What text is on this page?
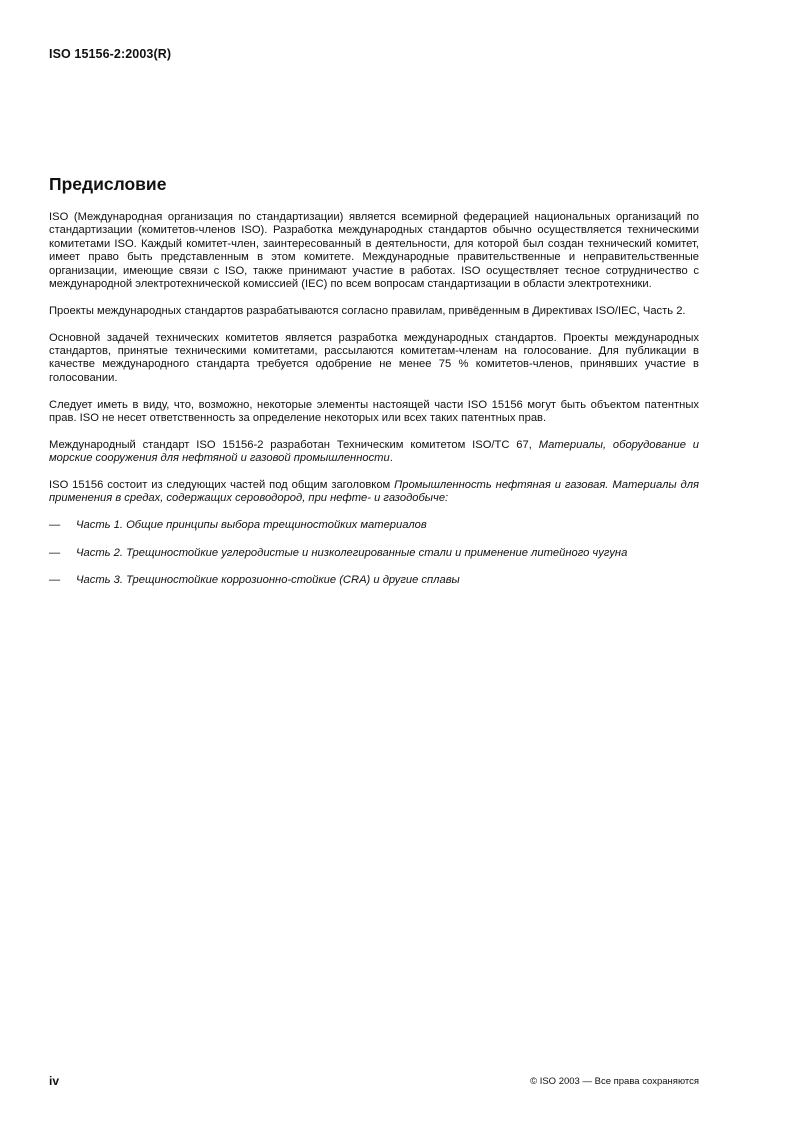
ISO 15156-2:2003(R)
Предисловие

ISO (Международная организация по стандартизации) является всемирной федерацией национальных организаций по стандартизации (комитетов-членов ISO). Разработка международных стандартов обычно осуществляется техническими комитетами ISO. Каждый комитет-член, заинтересованный в деятельности, для которой был создан технический комитет, имеет право быть представленным в этом комитете. Международные правительственные и неправительственные организации, имеющие связи с ISO, также принимают участие в работах. ISO осуществляет тесное сотрудничество с международной электротехнической комиссией (IEC) по всем вопросам стандартизации в области электротехники.

Проекты международных стандартов разрабатываются согласно правилам, привёденным в Директивах ISO/IEC, Часть 2.

Основной задачей технических комитетов является разработка международных стандартов. Проекты международных стандартов, принятые техническими комитетами, рассылаются комитетам-членам на голосование. Для публикации в качестве международного стандарта требуется одобрение не менее 75 % комитетов-членов, принявших участие в голосовании.

Следует иметь в виду, что, возможно, некоторые элементы настоящей части ISO 15156 могут быть объектом патентных прав. ISO не несет ответственность за определение некоторых или всех таких патентных прав.

Международный стандарт ISO 15156-2 разработан Техническим комитетом ISO/TC 67, Материалы, оборудование и морские сооружения для нефтяной и газовой промышленности.

ISO 15156 состоит из следующих частей под общим заголовком Промышленность нефтяная и газовая. Материалы для применения в средах, содержащих сероводород, при нефте- и газодобыче:

— Часть 1. Общие принципы выбора трещиностойких материалов
— Часть 2. Трещиностойкие углеродистые и низколегированные стали и применение литейного чугуна
— Часть 3. Трещиностойкие коррозионно-стойкие (CRA) и другие сплавы
iv	© ISO 2003 — Все права сохраняются
